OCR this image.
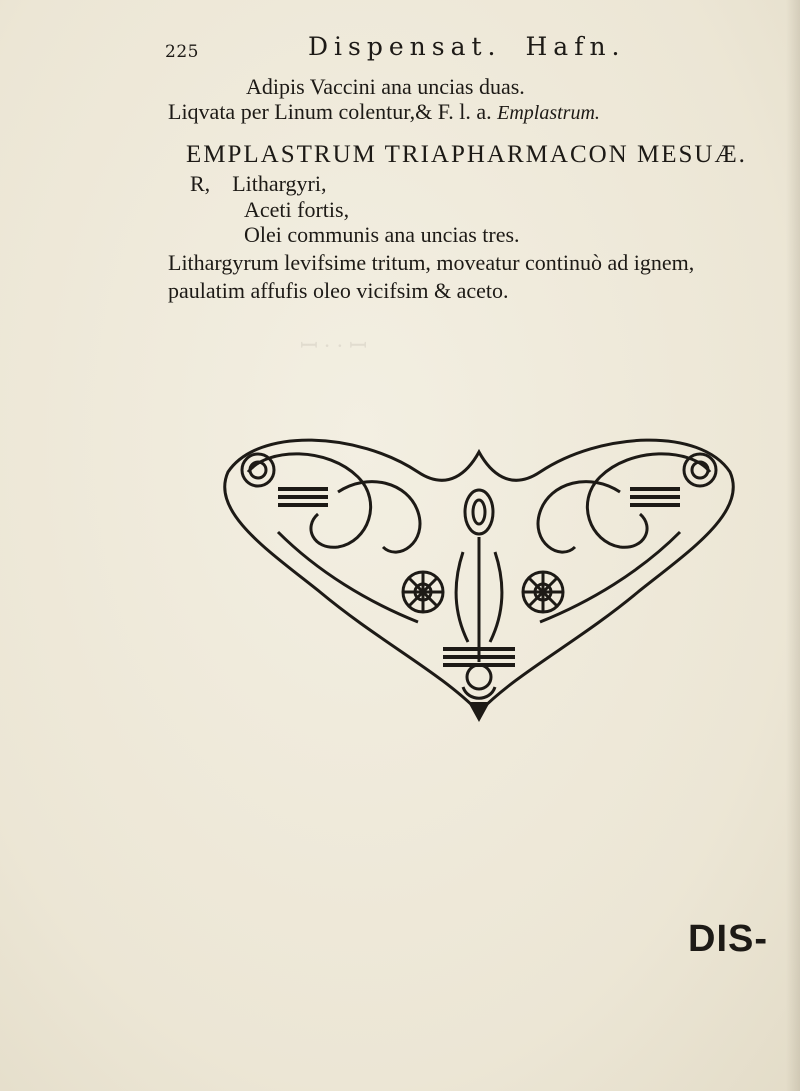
ꟷ · · ꟷ
225	Dispensat. Hafn.
Adipis Vaccini ana uncias duas.
Liqvata per Linum colentur,& F. l. a. Emplastrum.
EMPLASTRUM TRIAPHARMACON MESUÆ.
R, Lithargyri,
Aceti fortis,
Olei communis ana uncias tres.
Lithargyrum levifsime tritum, moveatur continuò ad ignem,
paulatim affufis oleo vicifsim & aceto.
DIS-
